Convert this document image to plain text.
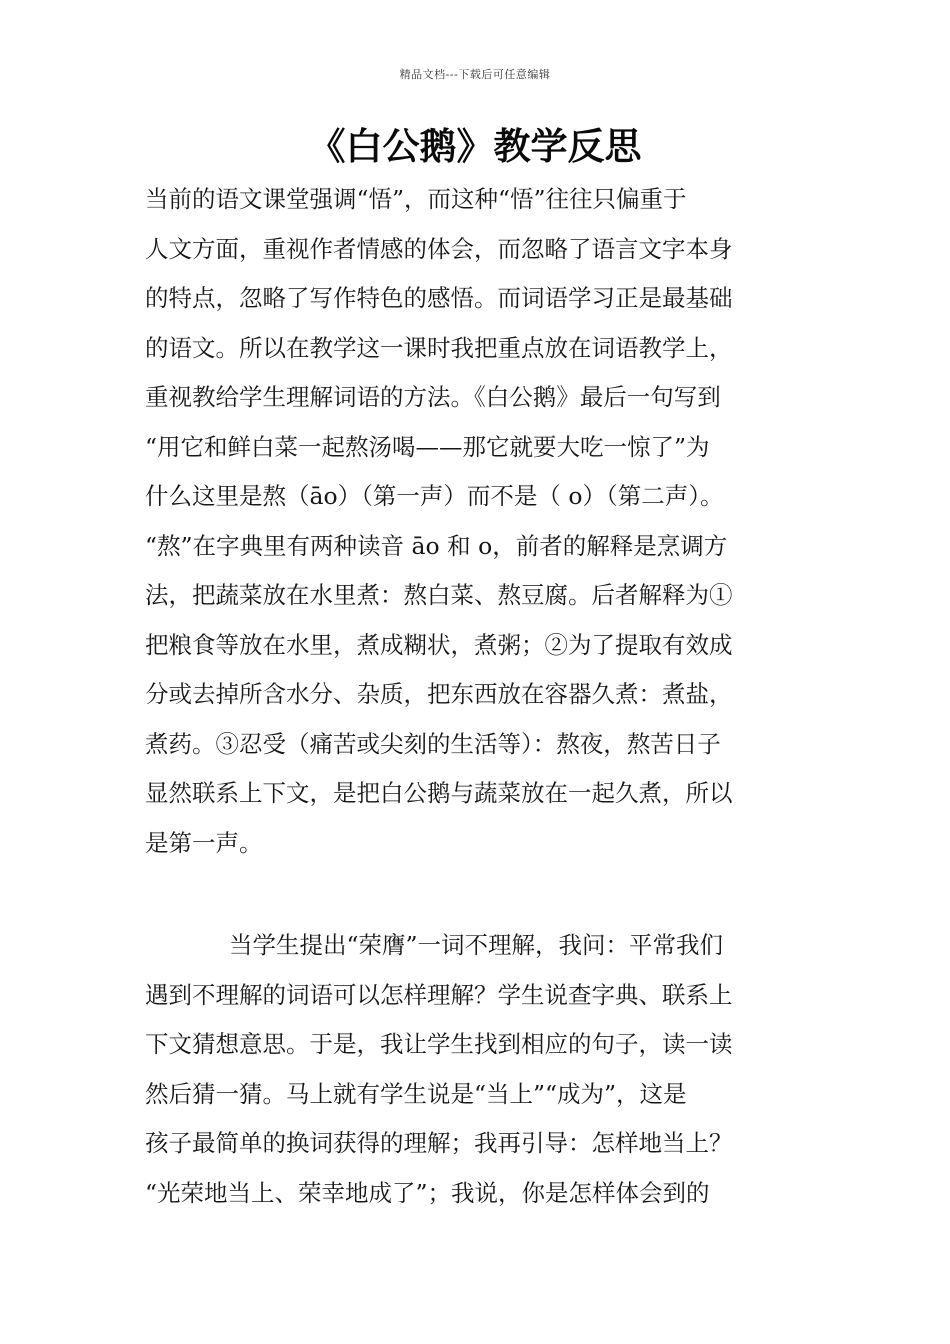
精品文档---下载后可任意编辑
《白公鹅》教学反思
当前的语文课堂强调“悟”，而这种“悟”往往只偏重于
人文方面，重视作者情感的体会，而忽略了语言文字本身
的特点，忽略了写作特色的感悟。而词语学习正是最基础
的语文。所以在教学这一课时我把重点放在词语教学上，
重视教给学生理解词语的方法。《白公鹅》最后一句写到
“用它和鲜白菜一起熬汤喝——那它就要大吃一惊了”为
什么这里是熬（āo）（第一声）而不是（ o）（第二声）。
“熬”在字典里有两种读音 āo 和 o，前者的解释是烹调方
法，把蔬菜放在水里煮：熬白菜、熬豆腐。后者解释为①
把粮食等放在水里，煮成糊状，煮粥；②为了提取有效成
分或去掉所含水分、杂质，把东西放在容器久煮：煮盐，
煮药。③忍受（痛苦或尖刻的生活等）：熬夜，熬苦日子
显然联系上下文，是把白公鹅与蔬菜放在一起久煮，所以
是第一声。
当学生提出“荣膺”一词不理解，我问：平常我们
遇到不理解的词语可以怎样理解？学生说查字典、联系上
下文猜想意思。于是，我让学生找到相应的句子，读一读
然后猜一猜。马上就有学生说是“当上”“成为”，这是
孩子最简单的换词获得的理解；我再引导：怎样地当上？
“光荣地当上、荣幸地成了”；我说，你是怎样体会到的
